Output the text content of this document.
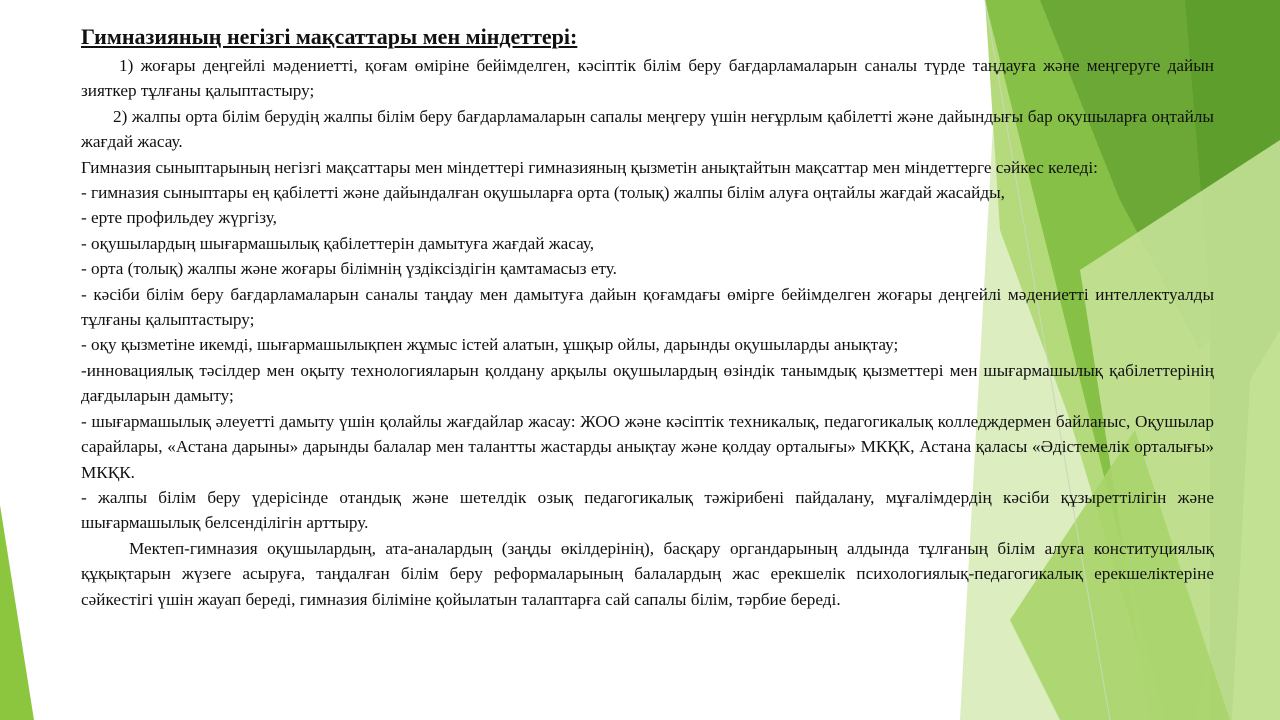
Гимназияның негізгі мақсаттары мен міндеттері:

1) жоғары деңгейлі мәдениетті, қоғам өміріне бейімделген, кәсіптік білім беру бағдарламаларын саналы түрде таңдауға және меңгеруге дайын зияткер тұлғаны қалыптастыру;

2) жалпы орта білім берудің жалпы білім беру бағдарламаларын сапалы меңгеру үшін неғұрлым қабілетті және дайындығы бар оқушыларға оңтайлы жағдай жасау.

Гимназия сыныптарының негізгі мақсаттары мен міндеттері гимназияның қызметін анықтайтын мақсаттар мен міндеттерге сәйкес келеді:

- гимназия сыныптары ең қабілетті және дайындалған оқушыларға орта (толық) жалпы білім алуға оңтайлы жағдай жасайды,

- ерте профильдеу жүргізу,

- оқушылардың шығармашылық қабілеттерін дамытуға жағдай жасау,

- орта (толық) жалпы және жоғары білімнің үздіксіздігін қамтамасыз ету.

- кәсіби білім беру бағдарламаларын саналы таңдау мен дамытуға дайын қоғамдағы өмірге бейімделген жоғары деңгейлі мәдениетті интеллектуалды тұлғаны қалыптастыру;

- оқу қызметіне икемді, шығармашылықпен жұмыс істей алатын, ұшқыр ойлы, дарынды оқушыларды анықтау;

-инновациялық тәсілдер мен оқыту технологияларын қолдану арқылы оқушылардың өзіндік танымдық қызметтері мен шығармашылық қабілеттерінің дағдыларын дамыту;

- шығармашылық әлеуетті дамыту үшін қолайлы жағдайлар жасау: ЖОО және кәсіптік техникалық, педагогикалық колледждермен байланыс, Оқушылар сарайлары, «Астана дарыны» дарынды балалар мен талантты жастарды анықтау және қолдау орталығы» МКҚК, Астана қаласы «Әдістемелік орталығы» МКҚК.

- жалпы білім беру үдерісінде отандық және шетелдік озық педагогикалық тәжірибені пайдалану, мұғалімдердің кәсіби құзыреттілігін және шығармашылық белсенділігін арттыру.

Мектеп-гимназия оқушылардың, ата-аналардың (заңды өкілдерінің), басқару органдарының алдында тұлғаның білім алуға конституциялық құқықтарын жүзеге асыруға, таңдалған білім беру реформаларының балалардың жас ерекшелік психологиялық-педагогикалық ерекшеліктеріне сәйкестігі үшін жауап береді, гимназия біліміне қойылатын талаптарға сай сапалы білім, тәрбие береді.
